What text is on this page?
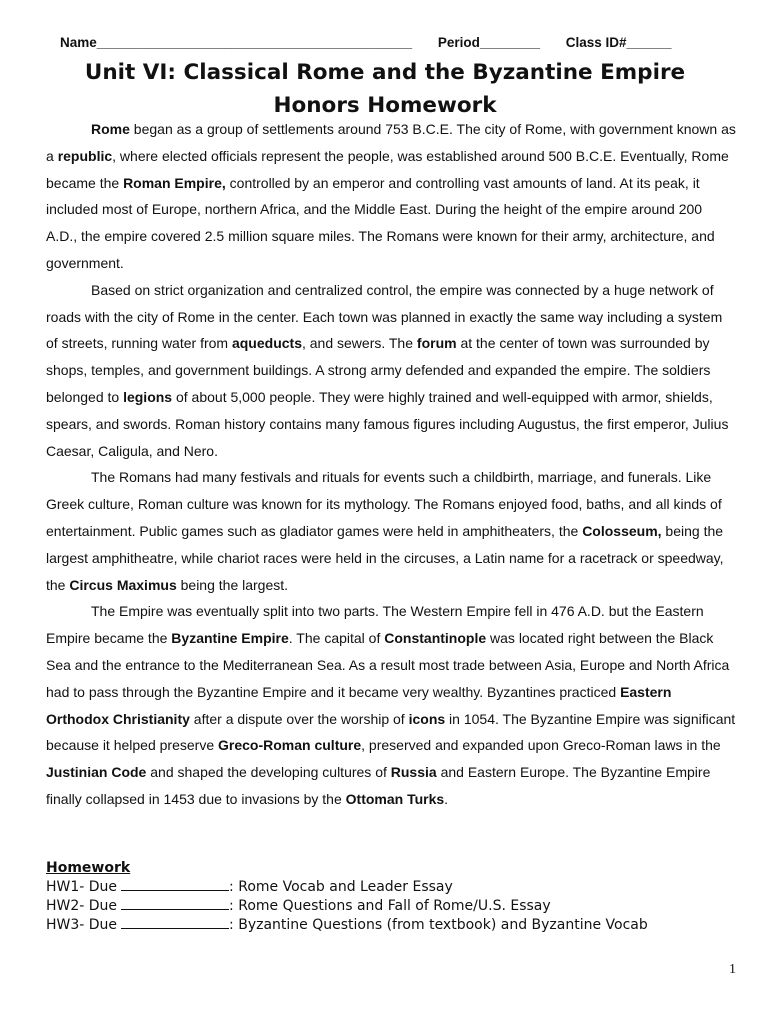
Name__________________________________________ Period________ Class ID#______
Unit VI: Classical Rome and the Byzantine Empire
Honors Homework

Rome began as a group of settlements around 753 B.C.E. The city of Rome, with government known as a republic, where elected officials represent the people, was established around 500 B.C.E. Eventually, Rome became the Roman Empire, controlled by an emperor and controlling vast amounts of land. At its peak, it included most of Europe, northern Africa, and the Middle East. During the height of the empire around 200 A.D., the empire covered 2.5 million square miles. The Romans were known for their army, architecture, and government.

Based on strict organization and centralized control, the empire was connected by a huge network of roads with the city of Rome in the center. Each town was planned in exactly the same way including a system of streets, running water from aqueducts, and sewers. The forum at the center of town was surrounded by shops, temples, and government buildings. A strong army defended and expanded the empire. The soldiers belonged to legions of about 5,000 people. They were highly trained and well-equipped with armor, shields, spears, and swords. Roman history contains many famous figures including Augustus, the first emperor, Julius Caesar, Caligula, and Nero.

The Romans had many festivals and rituals for events such a childbirth, marriage, and funerals. Like Greek culture, Roman culture was known for its mythology. The Romans enjoyed food, baths, and all kinds of entertainment. Public games such as gladiator games were held in amphitheaters, the Colosseum, being the largest amphitheatre, while chariot races were held in the circuses, a Latin name for a racetrack or speedway, the Circus Maximus being the largest.

The Empire was eventually split into two parts. The Western Empire fell in 476 A.D. but the Eastern Empire became the Byzantine Empire. The capital of Constantinople was located right between the Black Sea and the entrance to the Mediterranean Sea. As a result most trade between Asia, Europe and North Africa had to pass through the Byzantine Empire and it became very wealthy. Byzantines practiced Eastern Orthodox Christianity after a dispute over the worship of icons in 1054. The Byzantine Empire was significant because it helped preserve Greco-Roman culture, preserved and expanded upon Greco-Roman laws in the Justinian Code and shaped the developing cultures of Russia and Eastern Europe. The Byzantine Empire finally collapsed in 1453 due to invasions by the Ottoman Turks.

Homework
HW1- Due	: Rome Vocab and Leader Essay
HW2- Due	: Rome Questions and Fall of Rome/U.S. Essay
HW3- Due	: Byzantine Questions (from textbook) and Byzantine Vocab
1
